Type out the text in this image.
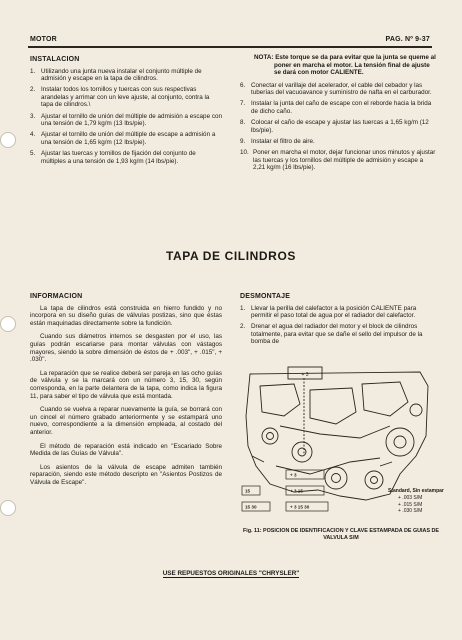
MOTOR	PAG. Nº 9-37
INSTALACION
1. Utilizando una junta nueva instalar el conjunto múltiple de admisión y escape en la tapa de cilindros.
2. Instalar todos los tornillos y tuercas con sus respectivas arandelas y arrimar con un leve ajuste, al conjunto, contra la tapa de cilindros.\
3. Ajustar el tornillo de unión del múltiple de admisión a escape con una tensión de 1,79 kg/m (13 lbs/pie).
4. Ajustar el tornillo de unión del múltiple de escape a admisión a una tensión de 1,65 kg/m (12 lbs/pie).
5. Ajustar las tuercas y tornillos de fijación del conjunto de múltiples a una tensión de 1,93 kg/m (14 lbs/pie).
NOTA: Este torque se da para evitar que la junta se queme al poner en marcha el motor. La tensión final de ajuste se dará con motor CALIENTE.
6. Conectar el varillaje del acelerador, el cable del cebador y las tuberías del vacuoavance y suministro de nafta en el carburador.
7. Instalar la junta del caño de escape con el reborde hacia la brida de dicho caño.
8. Colocar el caño de escape y ajustar las tuercas a 1,65 kg/m (12 lbs/pie).
9. Instalar el filtro de aire.
10. Poner en marcha el motor, dejar funcionar unos minutos y ajustar las tuercas y los tornillos del múltiple de admisión y escape a 2,21 kg/m (16 lbs/pie).
TAPA DE CILINDROS
INFORMACION

La tapa de cilindros está construida en hierro fundido y no incorpora en su diseño guías de válvulas postizas, sino que éstas están maquinadas directamente sobre la fundición.

Cuando sus diámetros internos se desgasten por el uso, las guías podrán escariarse para montar válvulas con vástagos mayores, siendo la sobre dimensión de éstos de + .003", + .015", + .030".

La reparación que se realice deberá ser pareja en las ocho guías de válvula y se la marcará con un número 3, 15, 30, según corresponda, en la parte delantera de la tapa, como indica la figura 11, para saber el tipo de válvula que está montada.

Cuando se vuelva a reparar nuevamente la guía, se borrará con un cincel el número grabado anteriormente y se estampará uno nuevo, correspondiente a la dimensión empleada, al costado del anterior.

El método de reparación está indicado en "Escariado Sobre Medida de las Guías de Válvula".

Los asientos de la válvula de escape admiten también reparación, siendo este método descripto en "Asientos Postizos de Válvula de Escape".

DESMONTAJE
1. Llevar la perilla del calefactor a la posición CALIENTE para permitir el paso total de agua por el radiador del calefactor.
2. Drenar el agua del radiador del motor y el block de cilindros totalmente, para evitar que se dañe el sello del impulsor de la bomba de
+ 3
+ 3
15	+ 3 15
15 30	+ 3 15 30
Standard, Sin estampar
+ .003 S/M
+ .015 S/M
+ .030 S/M
Fig. 11: POSICION DE IDENTIFICACION Y CLAVE ESTAMPADA DE GUIAS DE VALVULA S/M
USE REPUESTOS ORIGINALES "CHRYSLER"
